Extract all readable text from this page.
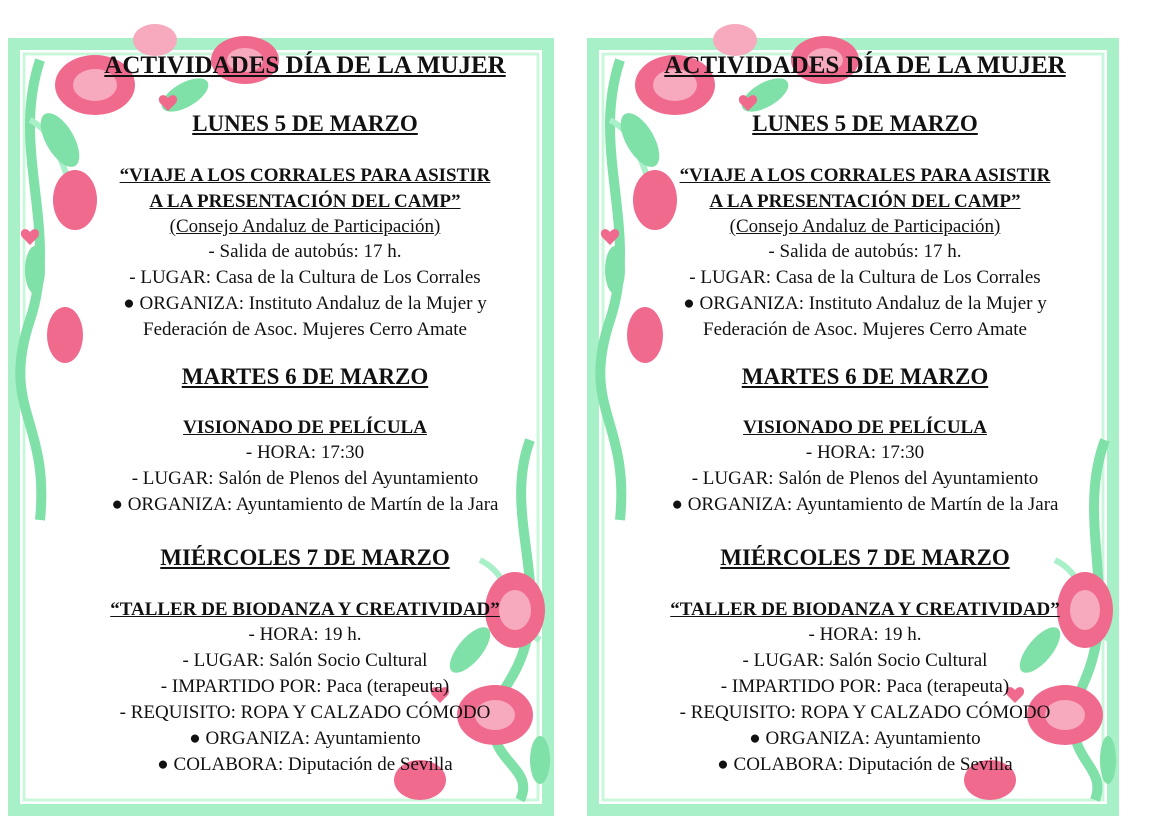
ACTIVIDADES DÍA DE LA MUJER
LUNES 5 DE MARZO
“VIAJE A LOS CORRALES PARA ASISTIR
A LA PRESENTACIÓN DEL CAMP”
(Consejo Andaluz de Participación)
- Salida de autobús: 17 h.
- LUGAR: Casa de la Cultura de Los Corrales
● ORGANIZA: Instituto Andaluz de la Mujer y
Federación de Asoc. Mujeres Cerro Amate
MARTES 6 DE MARZO
VISIONADO DE PELÍCULA
- HORA: 17:30
- LUGAR: Salón de Plenos del Ayuntamiento
● ORGANIZA: Ayuntamiento de Martín de la Jara
MIÉRCOLES 7 DE MARZO
“TALLER DE BIODANZA Y CREATIVIDAD”
- HORA: 19 h.
- LUGAR: Salón Socio Cultural
- IMPARTIDO POR: Paca (terapeuta)
- REQUISITO: ROPA Y CALZADO CÓMODO
● ORGANIZA: Ayuntamiento
● COLABORA: Diputación de Sevilla
ACTIVIDADES DÍA DE LA MUJER
LUNES 5 DE MARZO
“VIAJE A LOS CORRALES PARA ASISTIR
A LA PRESENTACIÓN DEL CAMP”
(Consejo Andaluz de Participación)
- Salida de autobús: 17 h.
- LUGAR: Casa de la Cultura de Los Corrales
● ORGANIZA: Instituto Andaluz de la Mujer y
Federación de Asoc. Mujeres Cerro Amate
MARTES 6 DE MARZO
VISIONADO DE PELÍCULA
- HORA: 17:30
- LUGAR: Salón de Plenos del Ayuntamiento
● ORGANIZA: Ayuntamiento de Martín de la Jara
MIÉRCOLES 7 DE MARZO
“TALLER DE BIODANZA Y CREATIVIDAD”
- HORA: 19 h.
- LUGAR: Salón Socio Cultural
- IMPARTIDO POR: Paca (terapeuta)
- REQUISITO: ROPA Y CALZADO CÓMODO
● ORGANIZA: Ayuntamiento
● COLABORA: Diputación de Sevilla
